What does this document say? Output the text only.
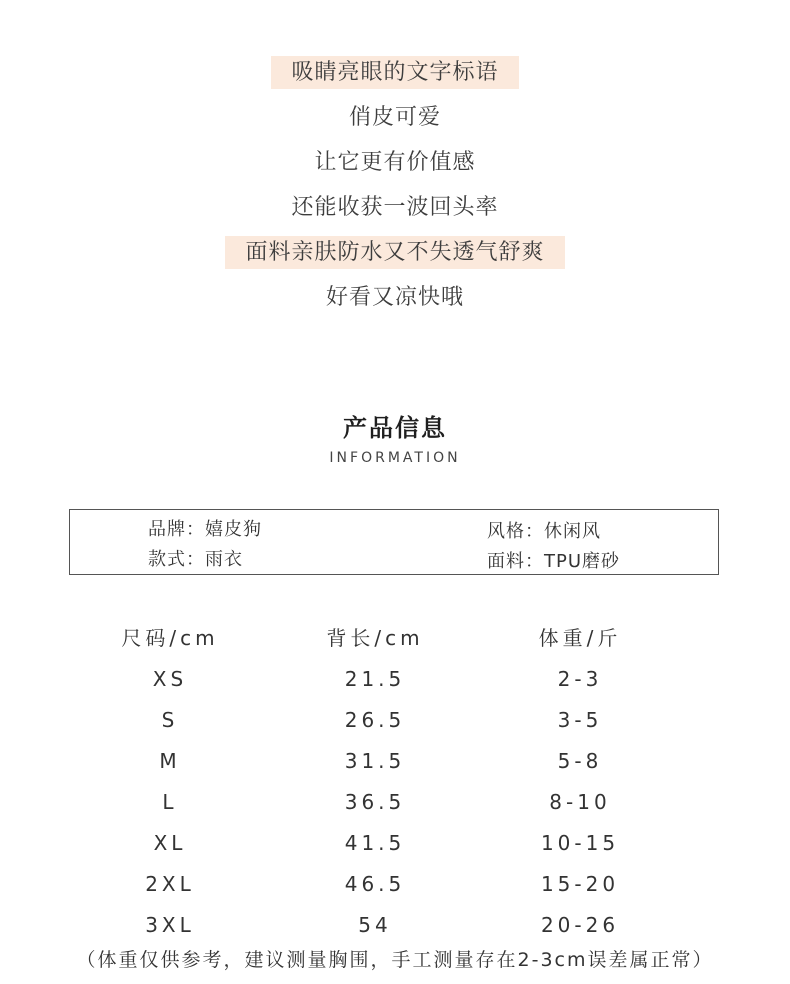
吸睛亮眼的文字标语
俏皮可爱
让它更有价值感
还能收获一波回头率
面料亲肤防水又不失透气舒爽
好看又凉快哦
产品信息
INFORMATION
品牌：嬉皮狗	风格：休闲风
款式：雨衣	面料：TPU磨砂
尺码/cm	背长/cm	体重/斤
XS	21.5	2-3
S	26.5	3-5
M	31.5	5-8
L	36.5	8-10
XL	41.5	10-15
2XL	46.5	15-20
3XL	54	20-26
（体重仅供参考，建议测量胸围，手工测量存在2-3cm误差属正常）
